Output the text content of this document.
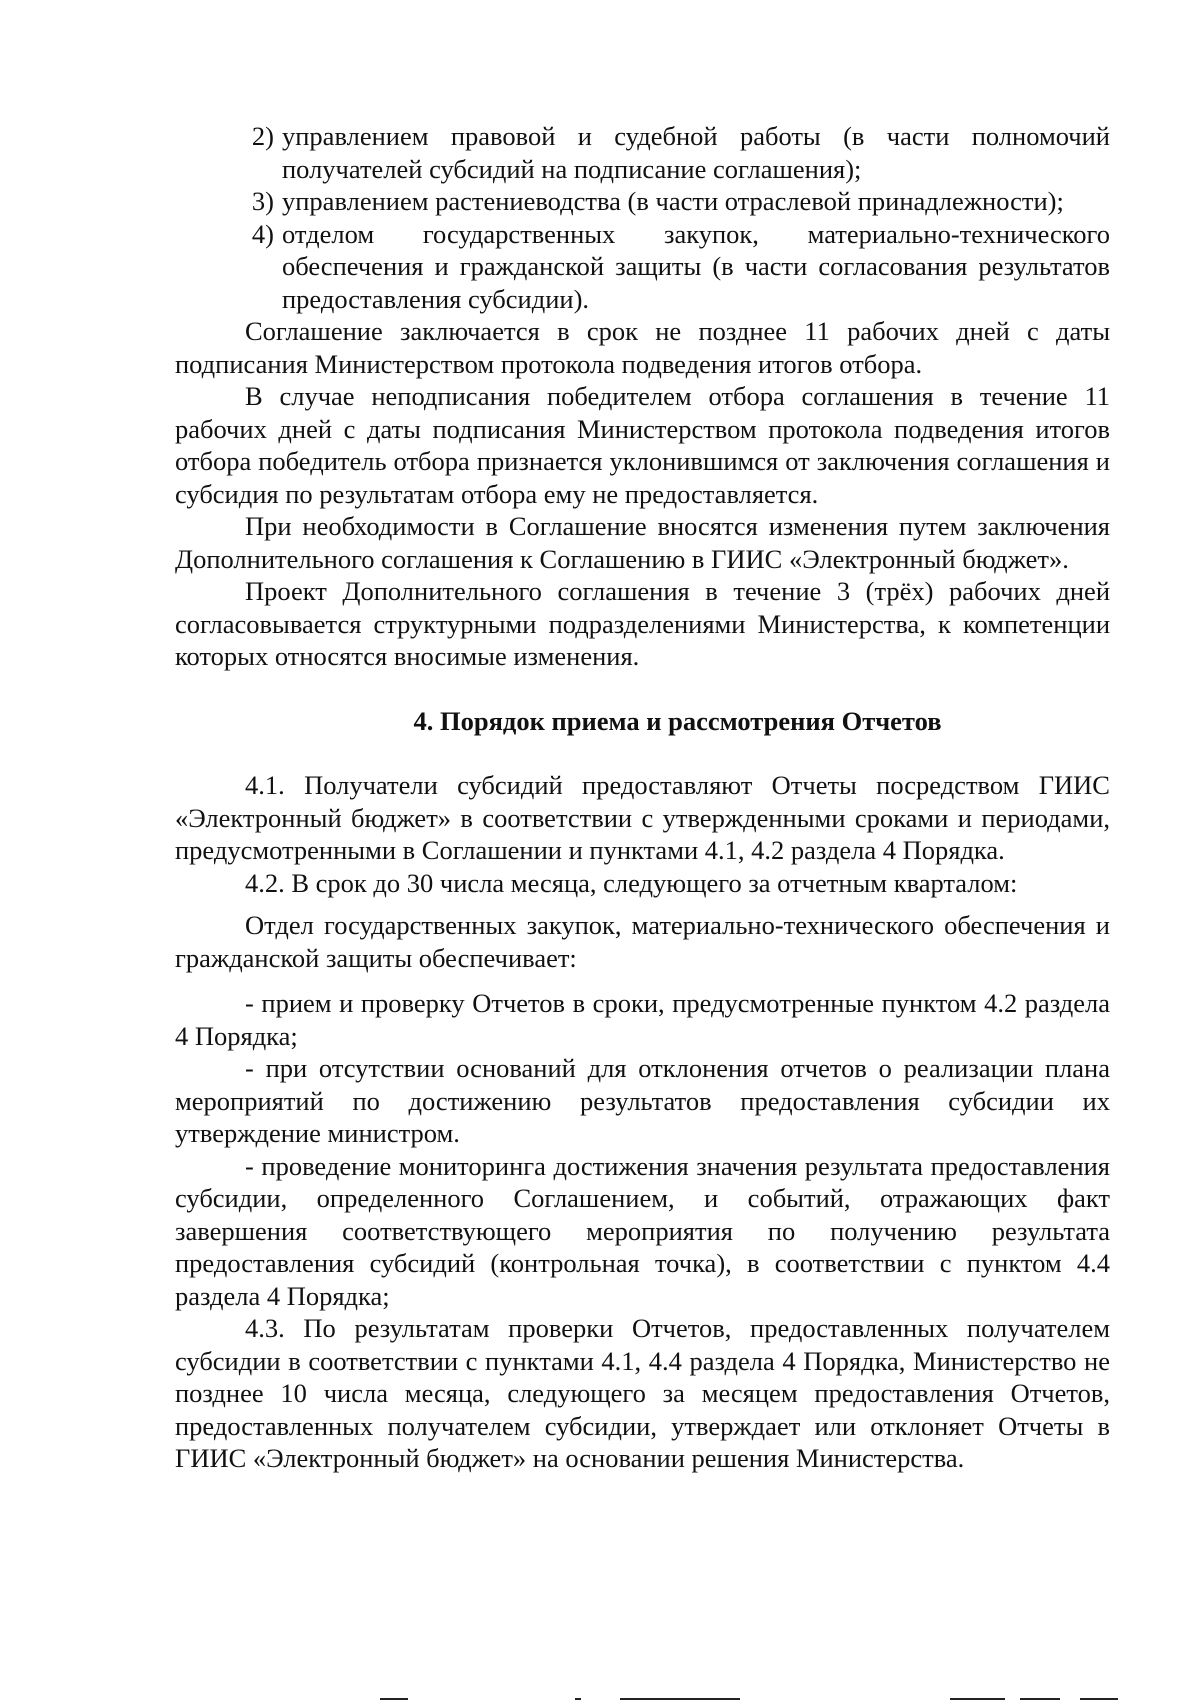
2) управлением правовой и судебной работы (в части полномочий получателей субсидий на подписание соглашения);
3) управлением растениеводства (в части отраслевой принадлежности);
4) отделом государственных закупок, материально-технического обеспечения и гражданской защиты (в части согласования результатов предоставления субсидии).

Соглашение заключается в срок не позднее 11 рабочих дней с даты подписания Министерством протокола подведения итогов отбора.

В случае неподписания победителем отбора соглашения в течение 11 рабочих дней с даты подписания Министерством протокола подведения итогов отбора победитель отбора признается уклонившимся от заключения соглашения и субсидия по результатам отбора ему не предоставляется.

При необходимости в Соглашение вносятся изменения путем заключения Дополнительного соглашения к Соглашению в ГИИС «Электронный бюджет».

Проект Дополнительного соглашения в течение 3 (трёх) рабочих дней согласовывается структурными подразделениями Министерства, к компетенции которых относятся вносимые изменения.

4. Порядок приема и рассмотрения Отчетов

4.1. Получатели субсидий предоставляют Отчеты посредством ГИИС «Электронный бюджет» в соответствии с утвержденными сроками и периодами, предусмотренными в Соглашении и пунктами 4.1, 4.2 раздела 4 Порядка.

4.2. В срок до 30 числа месяца, следующего за отчетным кварталом:

Отдел государственных закупок, материально-технического обеспечения и гражданской защиты обеспечивает:

- прием и проверку Отчетов в сроки, предусмотренные пунктом 4.2 раздела 4 Порядка;

- при отсутствии оснований для отклонения отчетов о реализации плана мероприятий по достижению результатов предоставления субсидии их утверждение министром.

- проведение мониторинга достижения значения результата предоставления субсидии, определенного Соглашением, и событий, отражающих факт завершения соответствующего мероприятия по получению результата предоставления субсидий (контрольная точка), в соответствии с пунктом 4.4 раздела 4 Порядка;

4.3. По результатам проверки Отчетов, предоставленных получателем субсидии в соответствии с пунктами 4.1, 4.4 раздела 4 Порядка, Министерство не позднее 10 числа месяца, следующего за месяцем предоставления Отчетов, предоставленных получателем субсидии, утверждает или отклоняет Отчеты в ГИИС «Электронный бюджет» на основании решения Министерства.
